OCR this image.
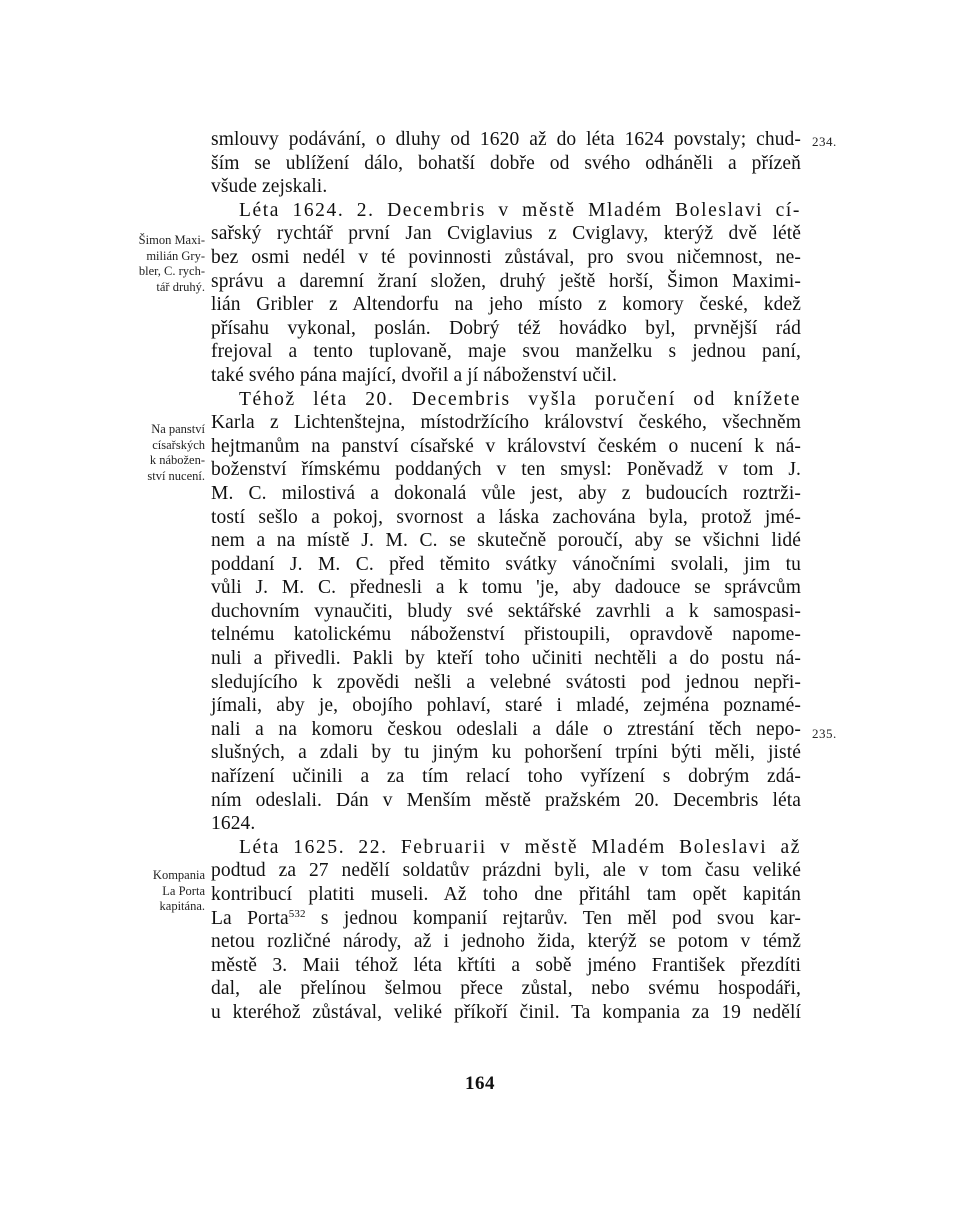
smlouvy podávání, o dluhy od 1620 až do léta 1624 povstaly; chud-
ším se ublížení dálo, bohatší dobře od svého odháněli a přízeň
všude zejskali.
Léta 1624. 2. Decembris v městě Mladém Boleslavi cí-
sařský rychtář první Jan Cviglavius z Cviglavy, kterýž dvě létě
bez osmi nedél v té povinnosti zůstával, pro svou ničemnost, ne-
správu a daremní žraní složen, druhý ještě horší, Šimon Maximi-
lián Gribler z Altendorfu na jeho místo z komory české, kdež
přísahu vykonal, poslán. Dobrý též hovádko byl, prvnější rád
frejoval a tento tuplovaně, maje svou manželku s jednou paní,
také svého pána mající, dvořil a jí náboženství učil.
Téhož léta 20. Decembris vyšla poručení od knížete
Karla z Lichtenštejna, místodržícího království českého, všechněm
hejtmanům na panství císařské v království českém o nucení k ná-
boženství římskému poddaných v ten smysl: Poněvadž v tom J.
M. C. milostivá a dokonalá vůle jest, aby z budoucích roztrži-
tostí sešlo a pokoj, svornost a láska zachována byla, protož jmé-
nem a na místě J. M. C. se skutečně poroučí, aby se všichni lidé
poddaní J. M. C. před těmito svátky vánočními svolali, jim tu
vůli J. M. C. přednesli a k tomu 'je, aby dadouce se správcům
duchovním vynaučiti, bludy své sektářské zavrhli a k samospasi-
telnému katolickému náboženství přistoupili, opravdově napome-
nuli a přivedli. Pakli by kteří toho učiniti nechtěli a do postu ná-
sledujícího k zpovědi nešli a velebné svátosti pod jednou nepři-
jímali, aby je, obojího pohlaví, staré i mladé, zejména poznamé-
nali a na komoru českou odeslali a dále o ztrestání těch nepo-
slušných, a zdali by tu jiným ku pohoršení trpíni býti měli, jisté
nařízení učinili a za tím relací toho vyřízení s dobrým zdá-
ním odeslali. Dán v Menším městě pražském 20. Decembris léta
1624.
Léta 1625. 22. Februarii v městě Mladém Boleslavi až
podtud za 27 nedělí soldatův prázdni byli, ale v tom času veliké
kontribucí platiti museli. Až toho dne přitáhl tam opět kapitán
La Porta$^{532}$ s jednou kompanií rejtarův. Ten měl pod svou kar-
netou rozličné národy, až i jednoho žida, kterýž se potom v témž
městě 3. Maii téhož léta křtíti a sobě jméno František přezdíti
dal, ale přelínou šelmou přece zůstal, nebo svému hospodáři,
u kteréhož zůstával, veliké příkoří činil. Ta kompania za 19 nedělí
Šimon Maxi-
milián Gry-
bler, C. rych-
tář druhý.
Na panství
císařských
k nábožen-
ství nucení.
Kompania
La Porta
kapitána.
234.
235.
164
